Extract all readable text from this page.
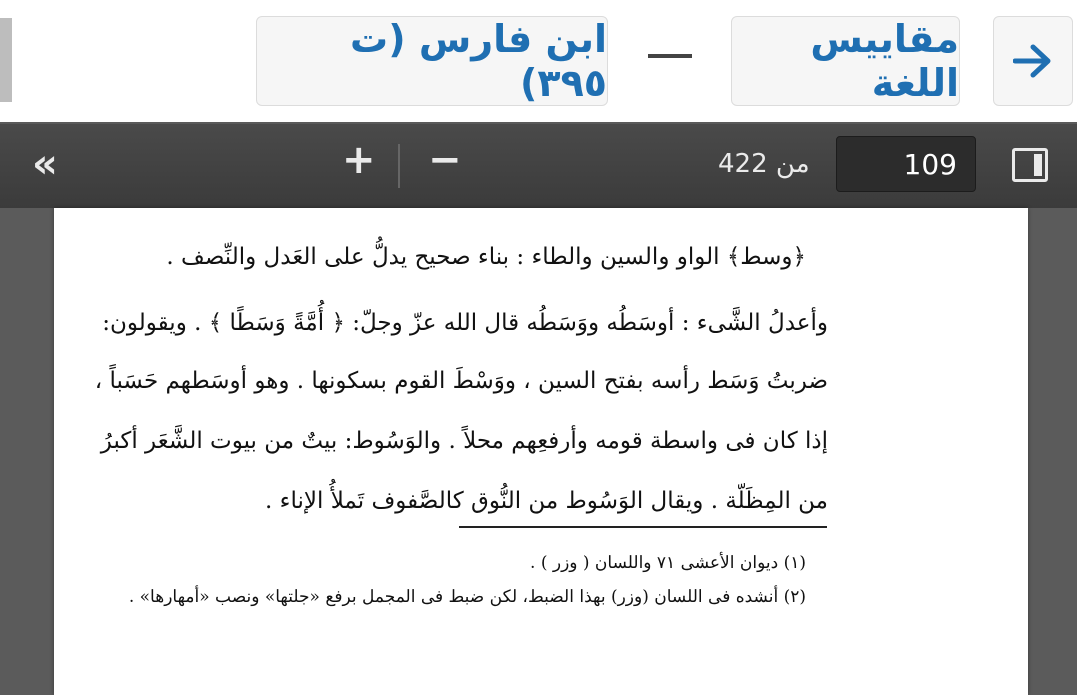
ابن فارس (ت ٣٩٥)
مقاييس اللغة
«	+ −	من 422	109
﴿وسط﴾ الواو والسين والطاء : بناء صحيح يدلُّ على العَدل والنِّصف .
وأعدلُ الشَّىء : أوسَطُه ووَسَطُه قال الله عزّ وجلّ: ﴿ أُمَّةً وَسَطًا ﴾ . ويقولون:
ضربتُ وَسَط رأسه بفتح السين ، ووَسْطَ القوم بسكونها . وهو أوسَطهم حَسَباً ،
إذا كان فى واسطة قومه وأرفعِهم محلاً . والوَسُوط: بيتٌ من بيوت الشَّعَر أكبرُ
من المِظَلّة . ويقال الوَسُوط من النُّوق كالصَّفوف تَملأُ الإناء .
(١) ديوان الأعشى ٧١ واللسان ( وزر ) .
(٢) أنشده فى اللسان (وزر) بهذا الضبط، لكن ضبط فى المجمل برفع «جلتها» ونصب «أمهارها» .
